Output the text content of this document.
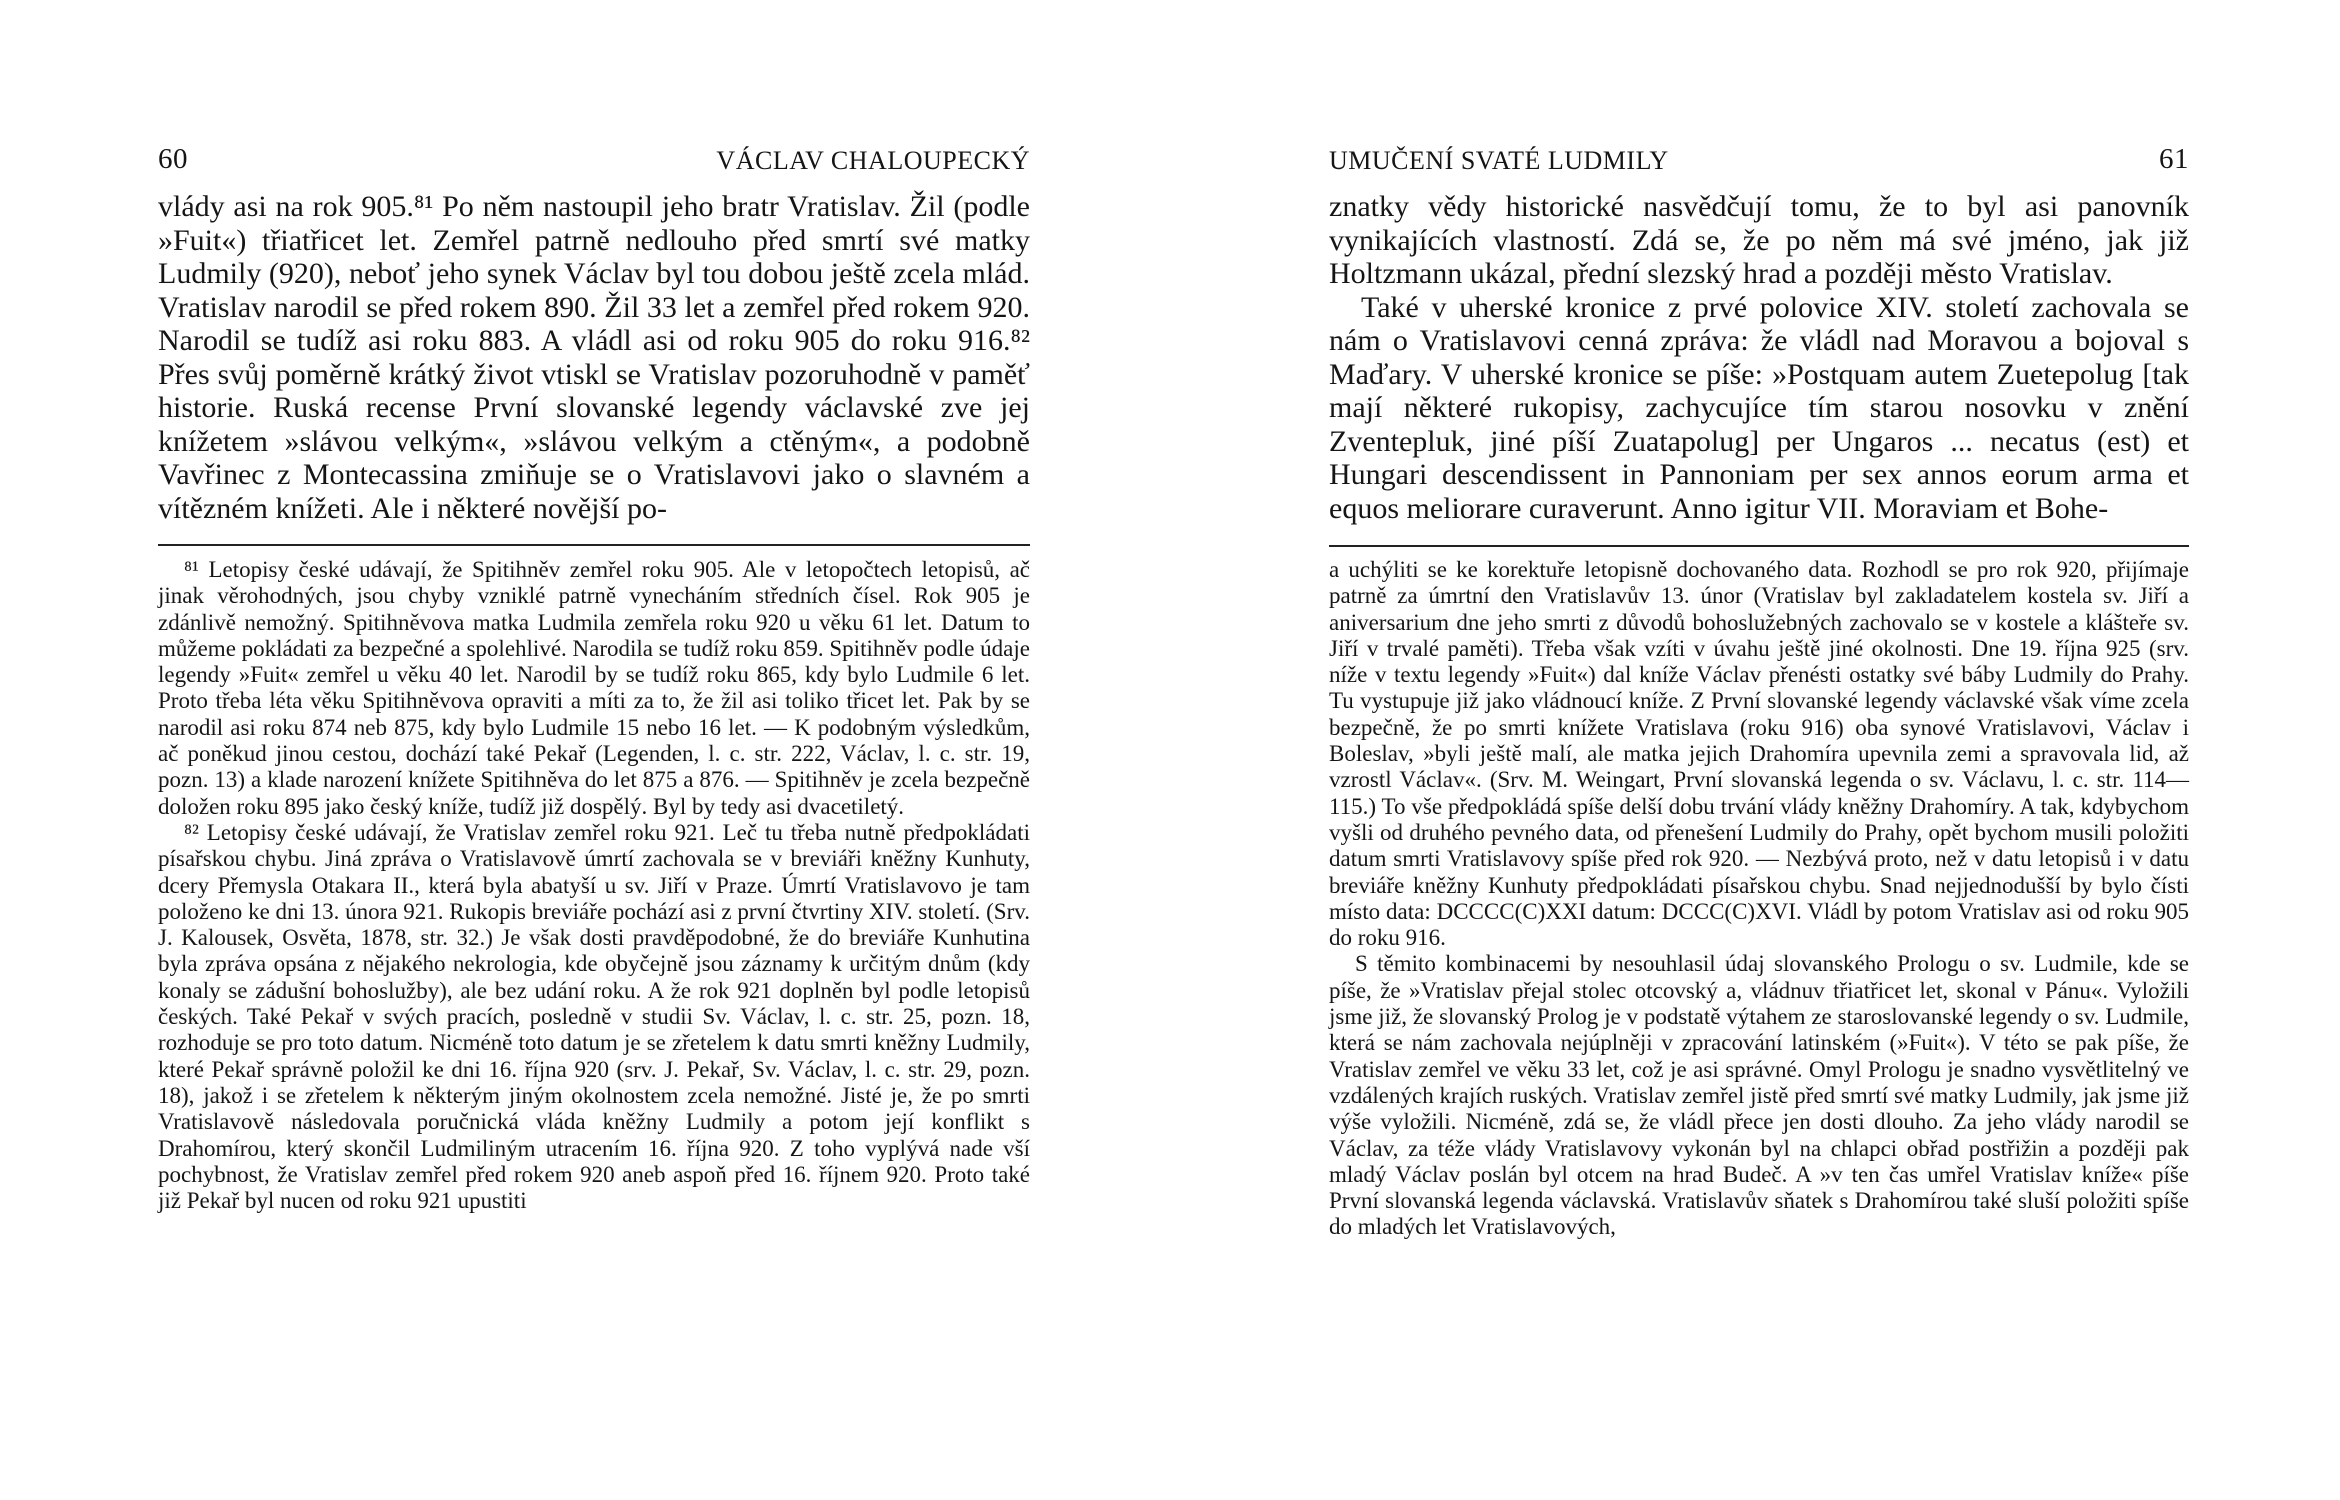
60	VÁCLAV CHALOUPECKÝ

vlády asi na rok 905.⁸¹ Po něm nastoupil jeho bratr Vratislav. Žil (podle »Fuit«) třiatřicet let. Zemřel patrně nedlouho před smrtí své matky Ludmily (920), neboť jeho synek Václav byl tou dobou ještě zcela mlád. Vratislav narodil se před rokem 890. Žil 33 let a zemřel před rokem 920. Narodil se tudíž asi roku 883. A vládl asi od roku 905 do roku 916.⁸² Přes svůj poměrně krátký život vtiskl se Vratislav pozoruhodně v paměť historie. Ruská recense První slovanské legendy václavské zve jej knížetem »slávou velkým«, »slávou velkým a ctěným«, a podobně Vavřinec z Montecassina zmiňuje se o Vratislavovi jako o slavném a vítězném knížeti. Ale i některé novější po-

⁸¹ Letopisy české udávají, že Spitihněv zemřel roku 905. Ale v letopočtech letopisů, ač jinak věrohodných, jsou chyby vzniklé patrně vynecháním středních čísel. Rok 905 je zdánlivě nemožný. Spitihněvova matka Ludmila zemřela roku 920 u věku 61 let. Datum to můžeme pokládati za bezpečné a spolehlivé. Narodila se tudíž roku 859. Spitihněv podle údaje legendy »Fuit« zemřel u věku 40 let. Narodil by se tudíž roku 865, kdy bylo Ludmile 6 let. Proto třeba léta věku Spitihněvova opraviti a míti za to, že žil asi toliko třicet let. Pak by se narodil asi roku 874 neb 875, kdy bylo Ludmile 15 nebo 16 let. — K podobným výsledkům, ač poněkud jinou cestou, dochází také Pekař (Legenden, l. c. str. 222, Václav, l. c. str. 19, pozn. 13) a klade narození knížete Spitihněva do let 875 a 876. — Spitihněv je zcela bezpečně doložen roku 895 jako český kníže, tudíž již dospělý. Byl by tedy asi dvacetiletý.

⁸² Letopisy české udávají, že Vratislav zemřel roku 921. Leč tu třeba nutně předpokládati písařskou chybu. Jiná zpráva o Vratislavově úmrtí zachovala se v breviáři kněžny Kunhuty, dcery Přemysla Otakara II., která byla abatyší u sv. Jiří v Praze. Úmrtí Vratislavovo je tam položeno ke dni 13. února 921. Rukopis breviáře pochází asi z první čtvrtiny XIV. století. (Srv. J. Kalousek, Osvěta, 1878, str. 32.) Je však dosti pravděpodobné, že do breviáře Kunhutina byla zpráva opsána z nějakého nekrologia, kde obyčejně jsou záznamy k určitým dnům (kdy konaly se zádušní bohoslužby), ale bez udání roku. A že rok 921 doplněn byl podle letopisů českých. Také Pekař v svých pracích, posledně v studii Sv. Václav, l. c. str. 25, pozn. 18, rozhoduje se pro toto datum. Nicméně toto datum je se zřetelem k datu smrti kněžny Ludmily, které Pekař správně položil ke dni 16. října 920 (srv. J. Pekař, Sv. Václav, l. c. str. 29, pozn. 18), jakož i se zřetelem k některým jiným okolnostem zcela nemožné. Jisté je, že po smrti Vratislavově následovala poručnická vláda kněžny Ludmily a potom její konflikt s Drahomírou, který skončil Ludmiliným utracením 16. října 920. Z toho vyplývá nade vší pochybnost, že Vratislav zemřel před rokem 920 aneb aspoň před 16. říjnem 920. Proto také již Pekař byl nucen od roku 921 upustiti

UMUČENÍ SVATÉ LUDMILY	61

znatky vědy historické nasvědčují tomu, že to byl asi panovník vynikajících vlastností. Zdá se, že po něm má své jméno, jak již Holtzmann ukázal, přední slezský hrad a později město Vratislav.

Také v uherské kronice z prvé polovice XIV. století zachovala se nám o Vratislavovi cenná zpráva: že vládl nad Moravou a bojoval s Maďary. V uherské kronice se píše: »Postquam autem Zuetepolug [tak mají některé rukopisy, zachycujíce tím starou nosovku v znění Zventepluk, jiné píší Zuatapolug] per Ungaros ... necatus (est) et Hungari descendissent in Pannoniam per sex annos eorum arma et equos meliorare curaverunt. Anno igitur VII. Moraviam et Bohe-

a uchýliti se ke korektuře letopisně dochovaného data. Rozhodl se pro rok 920, přijímaje patrně za úmrtní den Vratislavův 13. únor (Vratislav byl zakladatelem kostela sv. Jiří a aniversarium dne jeho smrti z důvodů bohoslužebných zachovalo se v kostele a klášteře sv. Jiří v trvalé paměti). Třeba však vzíti v úvahu ještě jiné okolnosti. Dne 19. října 925 (srv. níže v textu legendy »Fuit«) dal kníže Václav přenésti ostatky své báby Ludmily do Prahy. Tu vystupuje již jako vládnoucí kníže. Z První slovanské legendy václavské však víme zcela bezpečně, že po smrti knížete Vratislava (roku 916) oba synové Vratislavovi, Václav i Boleslav, »byli ještě malí, ale matka jejich Drahomíra upevnila zemi a spravovala lid, až vzrostl Václav«. (Srv. M. Weingart, První slovanská legenda o sv. Václavu, l. c. str. 114—115.) To vše předpokládá spíše delší dobu trvání vlády kněžny Drahomíry. A tak, kdybychom vyšli od druhého pevného data, od přenešení Ludmily do Prahy, opět bychom musili položiti datum smrti Vratislavovy spíše před rok 920. — Nezbývá proto, než v datu letopisů i v datu breviáře kněžny Kunhuty předpokládati písařskou chybu. Snad nejjednodušší by bylo čísti místo data: DCCCC(C)XXI datum: DCCC(C)XVI. Vládl by potom Vratislav asi od roku 905 do roku 916.

S těmito kombinacemi by nesouhlasil údaj slovanského Prologu o sv. Ludmile, kde se píše, že »Vratislav přejal stolec otcovský a, vládnuv třiatřicet let, skonal v Pánu«. Vyložili jsme již, že slovanský Prolog je v podstatě výtahem ze staroslovanské legendy o sv. Ludmile, která se nám zachovala nejúplněji v zpracování latinském (»Fuit«). V této se pak píše, že Vratislav zemřel ve věku 33 let, což je asi správné. Omyl Prologu je snadno vysvětlitelný ve vzdálených krajích ruských. Vratislav zemřel jistě před smrtí své matky Ludmily, jak jsme již výše vyložili. Nicméně, zdá se, že vládl přece jen dosti dlouho. Za jeho vlády narodil se Václav, za téže vlády Vratislavovy vykonán byl na chlapci obřad postřižin a později pak mladý Václav poslán byl otcem na hrad Budeč. A »v ten čas umřel Vratislav kníže« píše První slovanská legenda václavská. Vratislavův sňatek s Drahomírou také sluší položiti spíše do mladých let Vratislavových,
